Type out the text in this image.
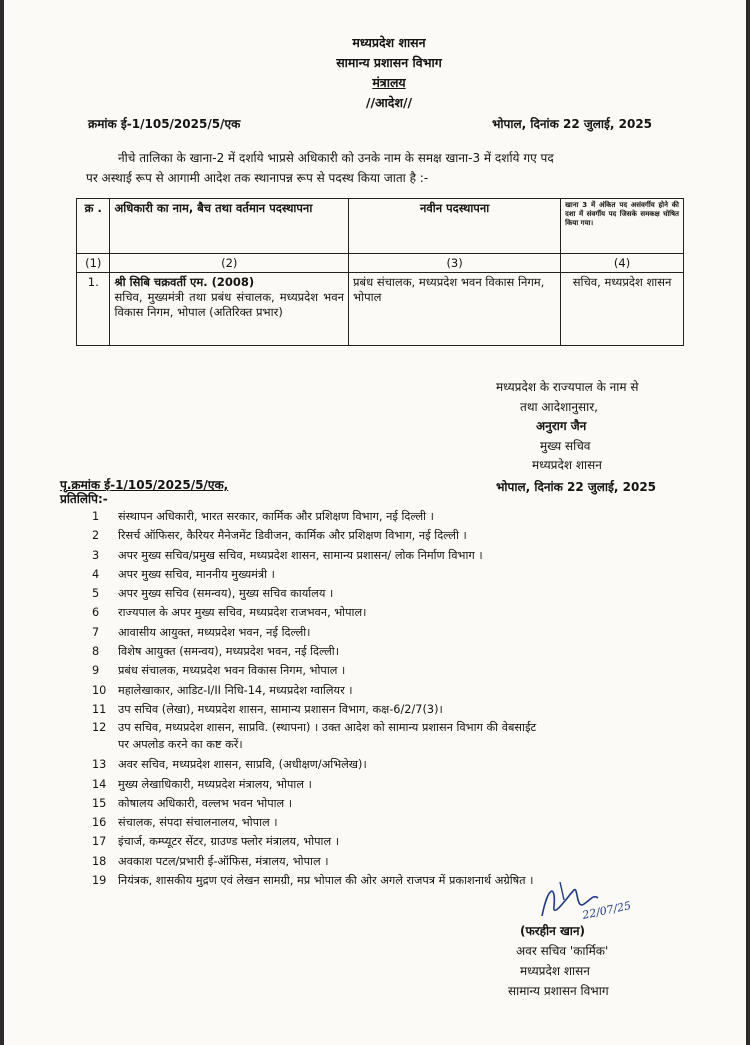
मध्यप्रदेश शासन
सामान्य प्रशासन विभाग
मंत्रालय
//आदेश//
क्रमांक ई-1/105/2025/5/एक	भोपाल, दिनांक 22 जुलाई, 2025
नीचे तालिका के खाना-2 में दर्शाये भाप्रसे अधिकारी को उनके नाम के समक्ष खाना-3 में दर्शाये गए पद
पर अस्थाई रूप से आगामी आदेश तक स्थानापन्न रूप से पदस्थ किया जाता है :-
क्र .	अधिकारी का नाम, बैच तथा वर्तमान पदस्थापना	नवीन पदस्थापना	खाना 3 में अंकित पद असंवर्गीय होने की दशा में संवर्गीय पद जिसके समकक्ष घोषित किया गया।
(1)	(2)	(3)	(4)
1.	श्री सिबि चक्रवर्ती एम. (2008)
सचिव, मुख्यमंत्री तथा प्रबंध संचालक, मध्यप्रदेश भवन विकास निगम, भोपाल (अतिरिक्त प्रभार)	प्रबंध संचालक, मध्यप्रदेश भवन विकास निगम, भोपाल	सचिव, मध्यप्रदेश शासन
मध्यप्रदेश के राज्यपाल के नाम से
तथा आदेशानुसार,
अनुराग जैन
मुख्य सचिव
मध्यप्रदेश शासन
पृ.क्रमांक ई-1/105/2025/5/एक,	भोपाल, दिनांक 22 जुलाई, 2025
प्रतिलिपि:-
1	संस्थापन अधिकारी, भारत सरकार, कार्मिक और प्रशिक्षण विभाग, नई दिल्ली ।
2	रिसर्च ऑफिसर, कैरियर मैनेजमेंट डिवीजन, कार्मिक और प्रशिक्षण विभाग, नई दिल्ली ।
3	अपर मुख्य सचिव/प्रमुख सचिव, मध्यप्रदेश शासन, सामान्य प्रशासन/ लोक निर्माण विभाग ।
4	अपर मुख्य सचिव, माननीय मुख्यमंत्री ।
5	अपर मुख्य सचिव (समन्वय), मुख्य सचिव कार्यालय ।
6	राज्यपाल के अपर मुख्य सचिव, मध्यप्रदेश राजभवन, भोपाल।
7	आवासीय आयुक्त, मध्यप्रदेश भवन, नई दिल्ली।
8	विशेष आयुक्त (समन्वय), मध्यप्रदेश भवन, नई दिल्ली।
9	प्रबंध संचालक, मध्यप्रदेश भवन विकास निगम, भोपाल ।
10	महालेखाकार, आडिट-I/II निधि-14, मध्यप्रदेश ग्वालियर ।
11	उप सचिव (लेखा), मध्यप्रदेश शासन, सामान्य प्रशासन विभाग, कक्ष-6/2/7(3)।
12	उप सचिव, मध्यप्रदेश शासन, साप्रवि. (स्थापना) । उक्त आदेश को सामान्य प्रशासन विभाग की वेबसाईट
पर अपलोड करने का कष्ट करें।
13	अवर सचिव, मध्यप्रदेश शासन, साप्रवि, (अधीक्षण/अभिलेख)।
14	मुख्य लेखाधिकारी, मध्यप्रदेश मंत्रालय, भोपाल ।
15	कोषालय अधिकारी, वल्लभ भवन भोपाल ।
16	संचालक, संपदा संचालनालय, भोपाल ।
17	इंचार्ज, कम्प्यूटर सेंटर, ग्राउण्ड फ्लोर मंत्रालय, भोपाल ।
18	अवकाश पटल/प्रभारी ई-ऑफिस, मंत्रालय, भोपाल ।
19	नियंत्रक, शासकीय मुद्रण एवं लेखन सामग्री, मप्र भोपाल की ओर अगले राजपत्र में प्रकाशनार्थ अग्रेषित ।
22/07/25
(फरहीन खान)
अवर सचिव 'कार्मिक'
मध्यप्रदेश शासन
सामान्य प्रशासन विभाग
